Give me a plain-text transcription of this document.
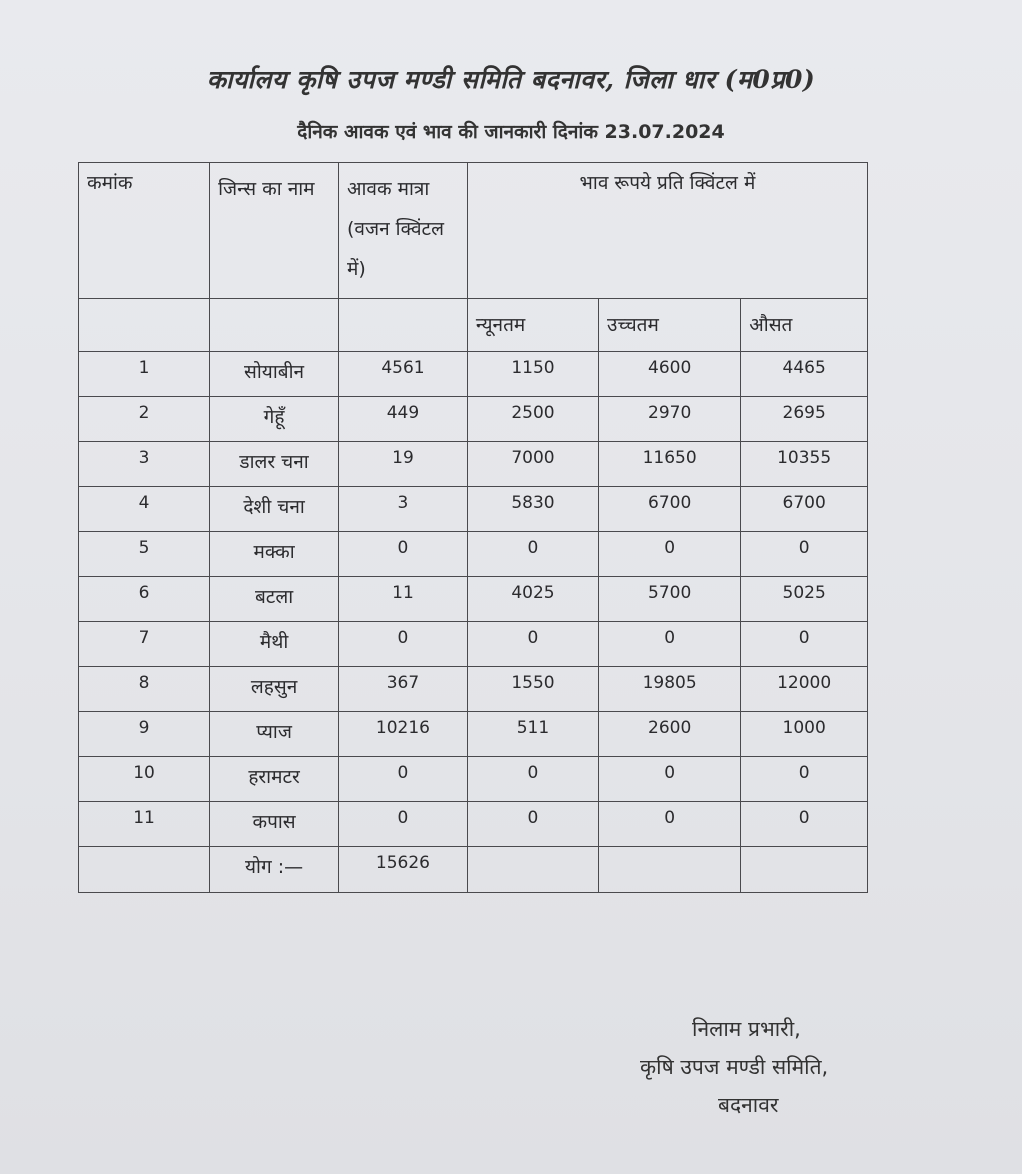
कार्यालय कृषि उपज मण्डी समिति बदनावर, जिला धार (म0प्र0)
दैनिक आवक एवं भाव की जानकारी दिनांक 23.07.2024
कमांक	जिन्स का नाम	आवक मात्रा (वजन क्विंटल में)	भाव रूपये प्रति क्विंटल में		
			न्यूनतम	उच्चतम	औसत
1	सोयाबीन	4561	1150	4600	4465
2	गेहूँ	449	2500	2970	2695
3	डालर चना	19	7000	11650	10355
4	देशी चना	3	5830	6700	6700
5	मक्का	0	0	0	0
6	बटला	11	4025	5700	5025
7	मैथी	0	0	0	0
8	लहसुन	367	1550	19805	12000
9	प्याज	10216	511	2600	1000
10	हरामटर	0	0	0	0
11	कपास	0	0	0	0
	योग :—	15626			
निलाम प्रभारी,
कृषि उपज मण्डी समिति,
बदनावर
